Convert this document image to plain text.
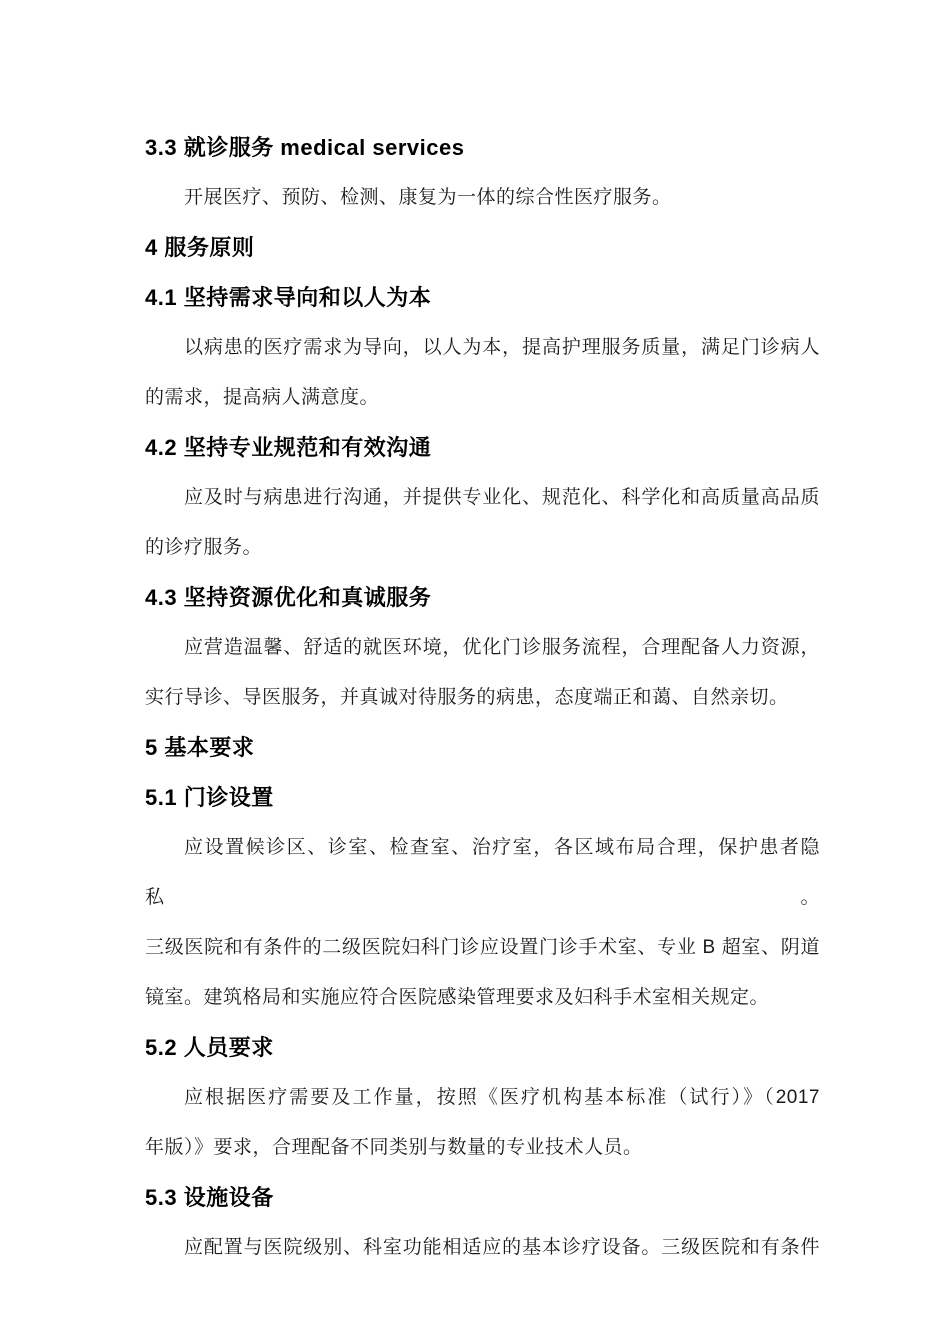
3.3 就诊服务 medical services
开展医疗、预防、检测、康复为一体的综合性医疗服务。
4 服务原则
4.1 坚持需求导向和以人为本
以病患的医疗需求为导向，以人为本，提高护理服务质量，满足门诊病人
的需求，提高病人满意度。
4.2 坚持专业规范和有效沟通
应及时与病患进行沟通，并提供专业化、规范化、科学化和高质量高品质
的诊疗服务。
4.3 坚持资源优化和真诚服务
应营造温馨、舒适的就医环境，优化门诊服务流程，合理配备人力资源，
实行导诊、导医服务，并真诚对待服务的病患，态度端正和蔼、自然亲切。
5 基本要求
5.1 门诊设置
应设置候诊区、诊室、检查室、治疗室，各区域布局合理，保护患者隐私。
三级医院和有条件的二级医院妇科门诊应设置门诊手术室、专业 B 超室、阴道
镜室。建筑格局和实施应符合医院感染管理要求及妇科手术室相关规定。
5.2 人员要求
应根据医疗需要及工作量，按照《医疗机构基本标准（试行）》（2017
年版）》要求，合理配备不同类别与数量的专业技术人员。
5.3 设施设备
应配置与医院级别、科室功能相适应的基本诊疗设备。三级医院和有条件
